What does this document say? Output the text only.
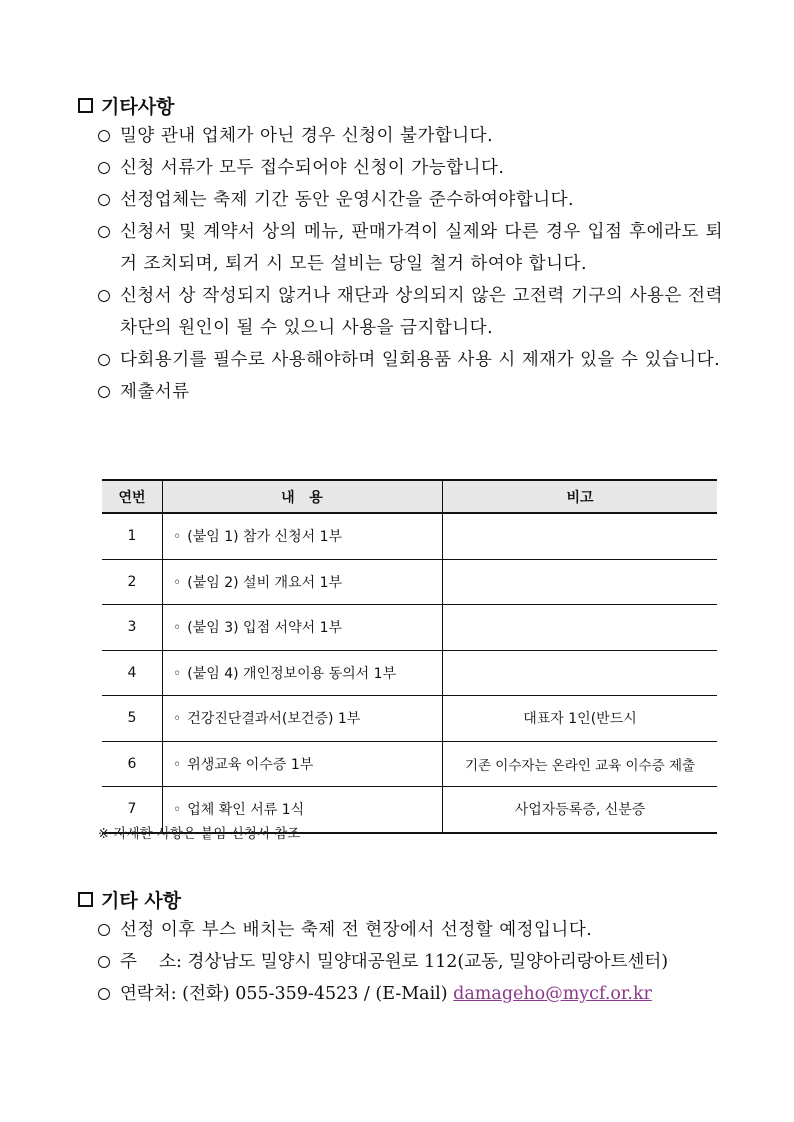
기타사항
밀양 관내 업체가 아닌 경우 신청이 불가합니다.
신청 서류가 모두 접수되어야 신청이 가능합니다.
선정업체는 축제 기간 동안 운영시간을 준수하여야합니다.
신청서 및 계약서 상의 메뉴, 판매가격이 실제와 다른 경우 입점 후에라도 퇴거 조치되며, 퇴거 시 모든 설비는 당일 철거 하여야 합니다.
신청서 상 작성되지 않거나 재단과 상의되지 않은 고전력 기구의 사용은 전력 차단의 원인이 될 수 있으니 사용을 금지합니다.
다회용기를 필수로 사용해야하며 일회용품 사용 시 제재가 있을 수 있습니다.
제출서류
연번	내   용	비고
1	◦ (붙임 1) 참가 신청서 1부	
2	◦ (붙임 2) 설비 개요서 1부	
3	◦ (붙임 3) 입점 서약서 1부	
4	◦ (붙임 4) 개인정보이용 동의서 1부	
5	◦ 건강진단결과서(보건증) 1부	대표자 1인(반드시
6	◦ 위생교육 이수증 1부	기존 이수자는 온라인 교육 이수증 제출
7	◦ 업체 확인 서류 1식	사업자등록증, 신분증
※ 자세한 사항은 붙임 신청서 참조
기타 사항
선정 이후 부스 배치는 축제 전 현장에서 선정할 예정입니다.
주    소: 경상남도 밀양시 밀양대공원로 112(교동, 밀양아리랑아트센터)
연락처: (전화) 055-359-4523 / (E-Mail) damageho@mycf.or.kr
